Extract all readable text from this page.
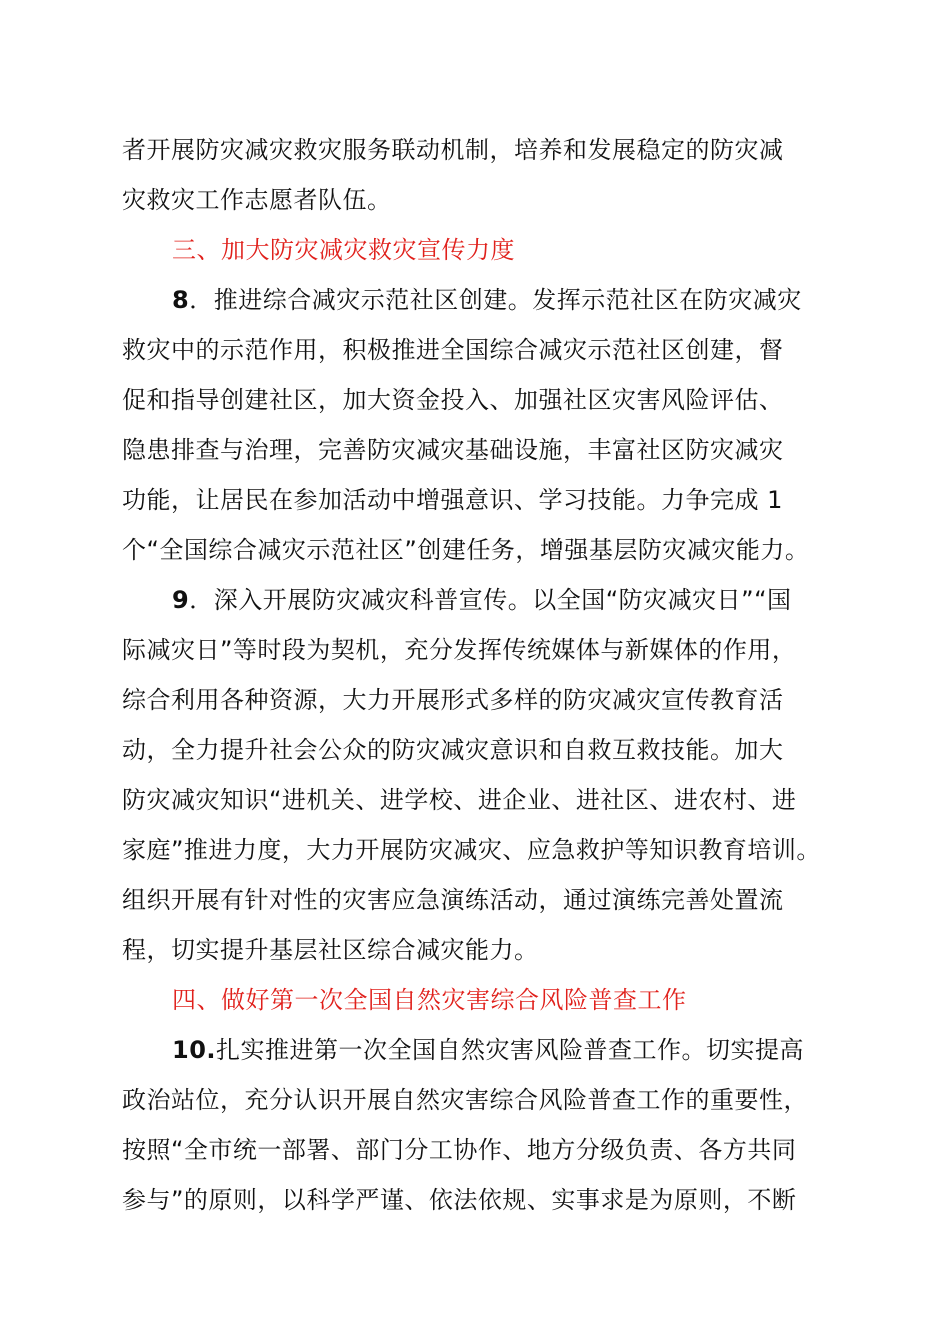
者开展防灾减灾救灾服务联动机制，培养和发展稳定的防灾减
灾救灾工作志愿者队伍。
三、加大防灾减灾救灾宣传力度
8．推进综合减灾示范社区创建。发挥示范社区在防灾减灾
救灾中的示范作用，积极推进全国综合减灾示范社区创建，督
促和指导创建社区，加大资金投入、加强社区灾害风险评估、
隐患排查与治理，完善防灾减灾基础设施，丰富社区防灾减灾
功能，让居民在参加活动中增强意识、学习技能。力争完成 1
个“全国综合减灾示范社区”创建任务，增强基层防灾减灾能力。
9．深入开展防灾减灾科普宣传。以全国“防灾减灾日”“国
际减灾日”等时段为契机，充分发挥传统媒体与新媒体的作用，
综合利用各种资源，大力开展形式多样的防灾减灾宣传教育活
动，全力提升社会公众的防灾减灾意识和自救互救技能。加大
防灾减灾知识“进机关、进学校、进企业、进社区、进农村、进
家庭”推进力度，大力开展防灾减灾、应急救护等知识教育培训。
组织开展有针对性的灾害应急演练活动，通过演练完善处置流
程，切实提升基层社区综合减灾能力。
四、做好第一次全国自然灾害综合风险普查工作
10.扎实推进第一次全国自然灾害风险普查工作。切实提高
政治站位，充分认识开展自然灾害综合风险普查工作的重要性，
按照“全市统一部署、部门分工协作、地方分级负责、各方共同
参与”的原则，以科学严谨、依法依规、实事求是为原则，不断
